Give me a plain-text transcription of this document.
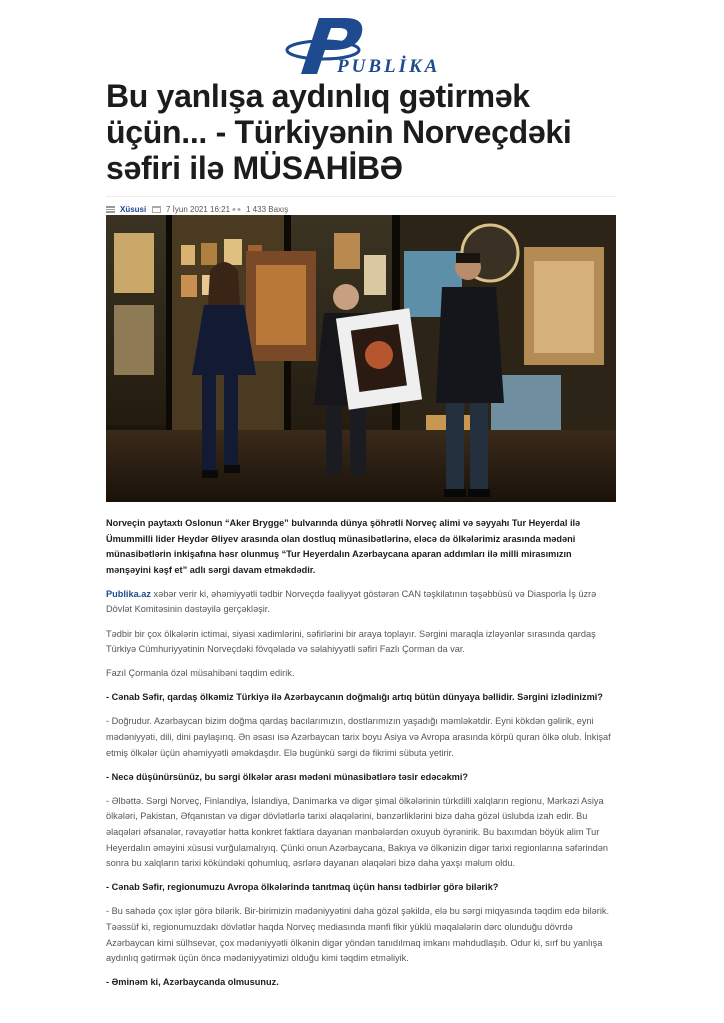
PUBLİKA
Bu yanlışa aydınlıq gətirmək üçün... - Türkiyənin Norveçdəki səfiri ilə MÜSAHİBƏ
Xüsusi 7 İyun 2021 16:21 1 433 Baxış

Norveçin paytaxtı Oslonun “Aker Brygge” bulvarında dünya şöhrətli Norveç alimi və səyyahı Tur Heyerdal ilə Ümummilli lider Heydər Əliyev arasında olan dostluq münasibətlərinə, eləcə də ölkələrimiz arasında mədəni münasibətlərin inkişafına həsr olunmuş “Tur Heyerdalın Azərbaycana aparan addımları ilə milli mirasımızın mənşəyini kəşf et” adlı sərgi davam etməkdədir.

Publika.az xəbər verir ki, əhəmiyyətli tədbir Norveçdə fəaliyyət göstərən CAN təşkilatının təşəbbüsü və Diasporla İş üzrə Dövlət Komitəsinin dəstəyilə gerçəkləşir.

Tədbir bir çox ölkələrin ictimai, siyasi xadimlərini, səfirlərini bir araya toplayır. Sərgini maraqla izləyənlər sırasında qardaş Türkiyə Cümhuriyyətinin Norveçdəki fövqəladə və səlahiyyətli səfiri Fazlı Çorman da var.

Fazıl Çormanla özəl müsahibəni təqdim edirik.

- Cənab Səfir, qardaş ölkəmiz Türkiyə ilə Azərbaycanın doğmalığı artıq bütün dünyaya bəllidir. Sərgini izlədinizmi?

- Doğrudur. Azərbaycan bizim doğma qardaş bacılarımızın, dostlarımızın yaşadığı məmləkətdir. Eyni kökdən gəlirik, eyni mədəniyyəti, dili, dini paylaşırıq. Ən əsası isə Azərbaycan tarix boyu Asiya və Avropa arasında körpü quran ölkə olub. İnkişaf etmiş ölkələr üçün əhəmiyyətli əməkdaşdır. Elə bugünkü sərgi də fikrimi sübuta yetirir.

- Necə düşünürsünüz, bu sərgi ölkələr arası mədəni münasibətlərə təsir edəcəkmi?

- Əlbəttə. Sərgi Norveç, Finlandiya, İslandiya, Danimarka və digər şimal ölkələrinin türkdilli xalqların regionu, Mərkəzi Asiya ölkələri, Pakistan, Əfqanıstan və digər dövlətlərlə tarixi əlaqələrini, bənzərliklərini bizə daha gözəl üslubda izah edir. Bu əlaqələri əfsanələr, rəvayətlər hətta konkret faktlara dayanan mənbələrdən oxuyub öyrənirik. Bu baxımdan böyük alim Tur Heyerdalın əməyini xüsusi vurğulamalıyıq. Çünki onun Azərbaycana, Bakıya və ölkənizin digər tarixi regionlarına səfərindən sonra bu xalqların tarixi kökündəki qohumluq, əsrlərə dayanan əlaqələri bizə daha yaxşı məlum oldu.

- Cənab Səfir, regionumuzu Avropa ölkələrində tanıtmaq üçün hansı tədbirlər görə bilərik?

- Bu sahədə çox işlər görə bilərik. Bir-birimizin mədəniyyətini daha gözəl şəkildə, elə bu sərgi miqyasında təqdim edə bilərik. Təəssüf ki, regionumuzdakı dövlətlər haqda Norveç mediasında mənfi fikir yüklü məqalələrin dərc olunduğu dövrdə Azərbaycan kimi sülhsevər, çox mədəniyyətli ölkənin digər yöndən tanıdılmaq imkanı məhdudlaşıb. Odur ki, sırf bu yanlışa aydınlıq gətirmək üçün öncə mədəniyyətimizi olduğu kimi təqdim etməliyik.

- Əminəm ki, Azərbaycanda olmusunuz.
